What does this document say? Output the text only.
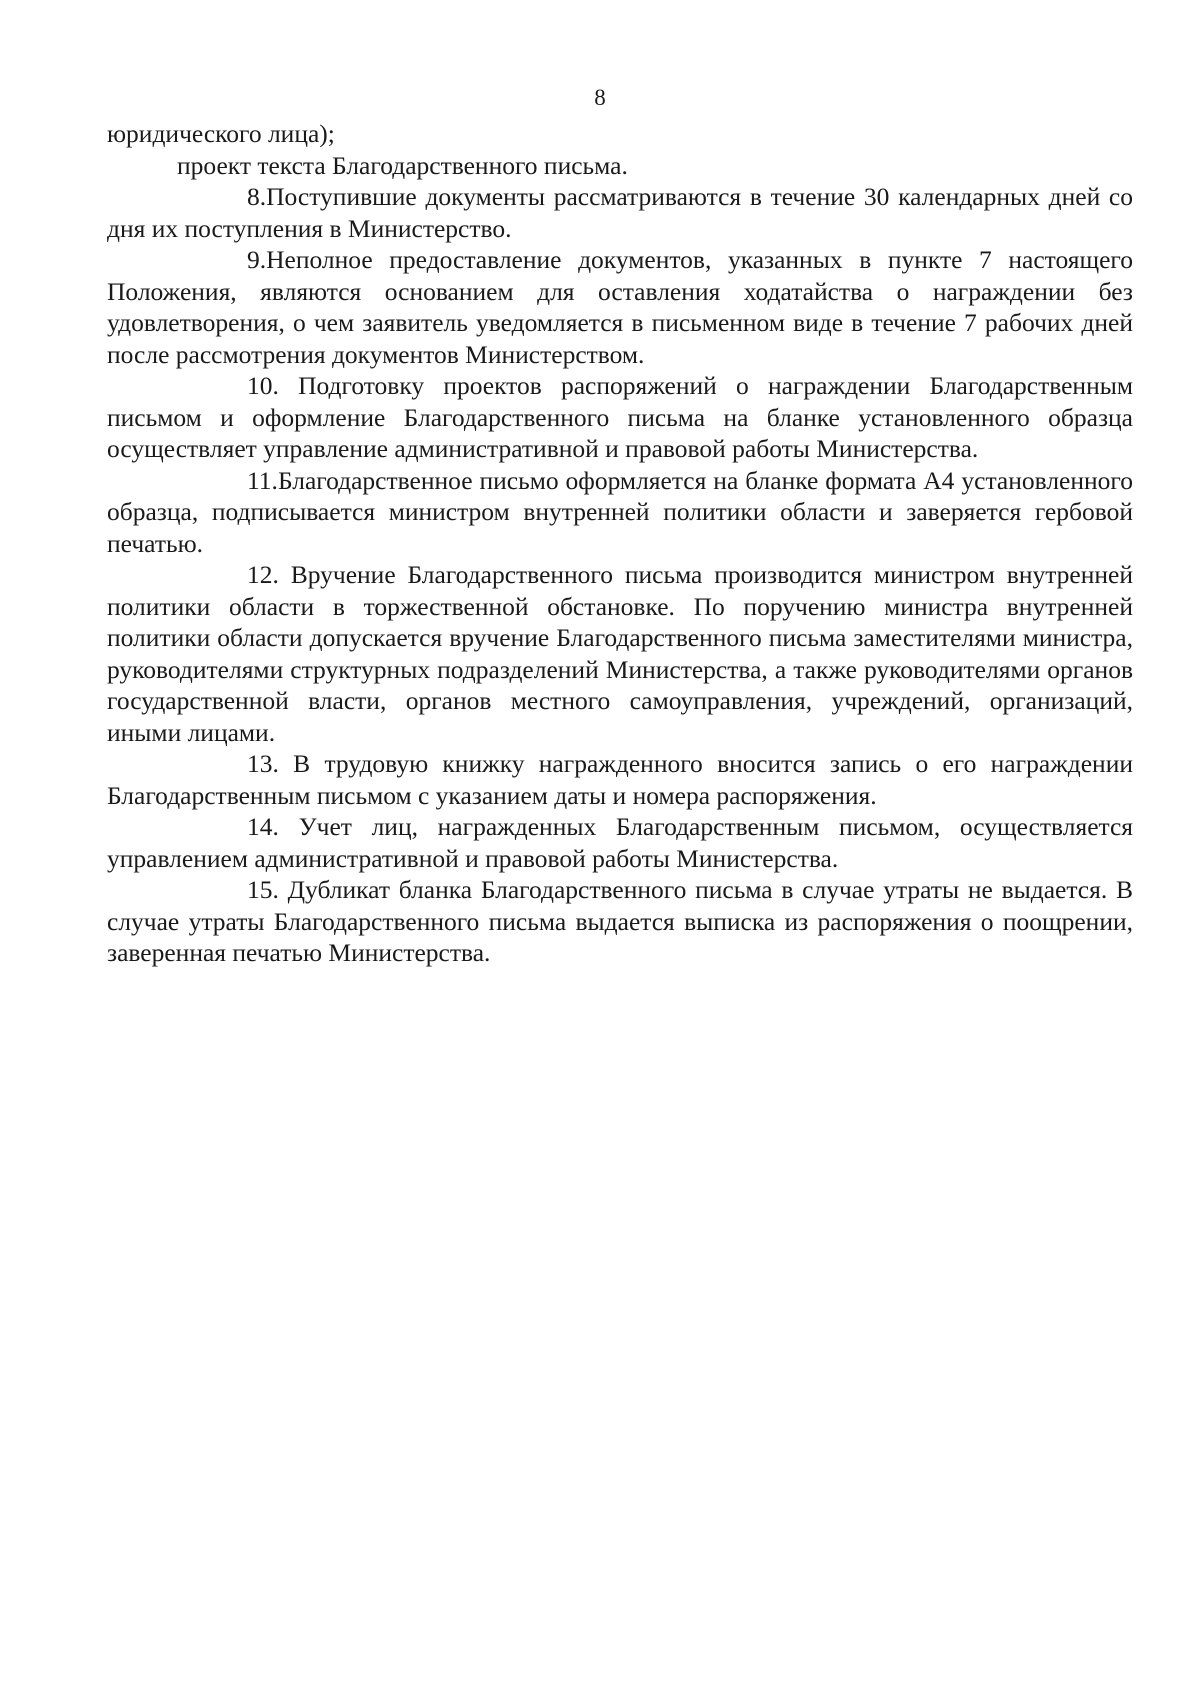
8

юридического лица);

проект текста Благодарственного письма.

8.Поступившие документы рассматриваются в течение 30 календарных дней со дня их поступления в Министерство.

9.Неполное предоставление документов, указанных в пункте 7 настоящего Положения, являются основанием для оставления ходатайства о награждении без удовлетворения, о чем заявитель уведомляется в письменном виде в течение 7 рабочих дней после рассмотрения документов Министерством.

10. Подготовку проектов распоряжений о награждении Благодарственным письмом и оформление Благодарственного письма на бланке установленного образца осуществляет управление административной и правовой работы Министерства.

11.Благодарственное письмо оформляется на бланке формата А4 установленного образца, подписывается министром внутренней политики области и заверяется гербовой печатью.

12. Вручение Благодарственного письма производится министром внутренней политики области в торжественной обстановке. По поручению министра внутренней политики области допускается вручение Благодарственного письма заместителями министра, руководителями структурных подразделений Министерства, а также руководителями органов государственной власти, органов местного самоуправления, учреждений, организаций, иными лицами.

13. В трудовую книжку награжденного вносится запись о его награждении Благодарственным письмом с указанием даты и номера распоряжения.

14. Учет лиц, награжденных Благодарственным письмом, осуществляется управлением административной и правовой работы Министерства.

15. Дубликат бланка Благодарственного письма в случае утраты не выдается. В случае утраты Благодарственного письма выдается выписка из распоряжения о поощрении, заверенная печатью Министерства.
